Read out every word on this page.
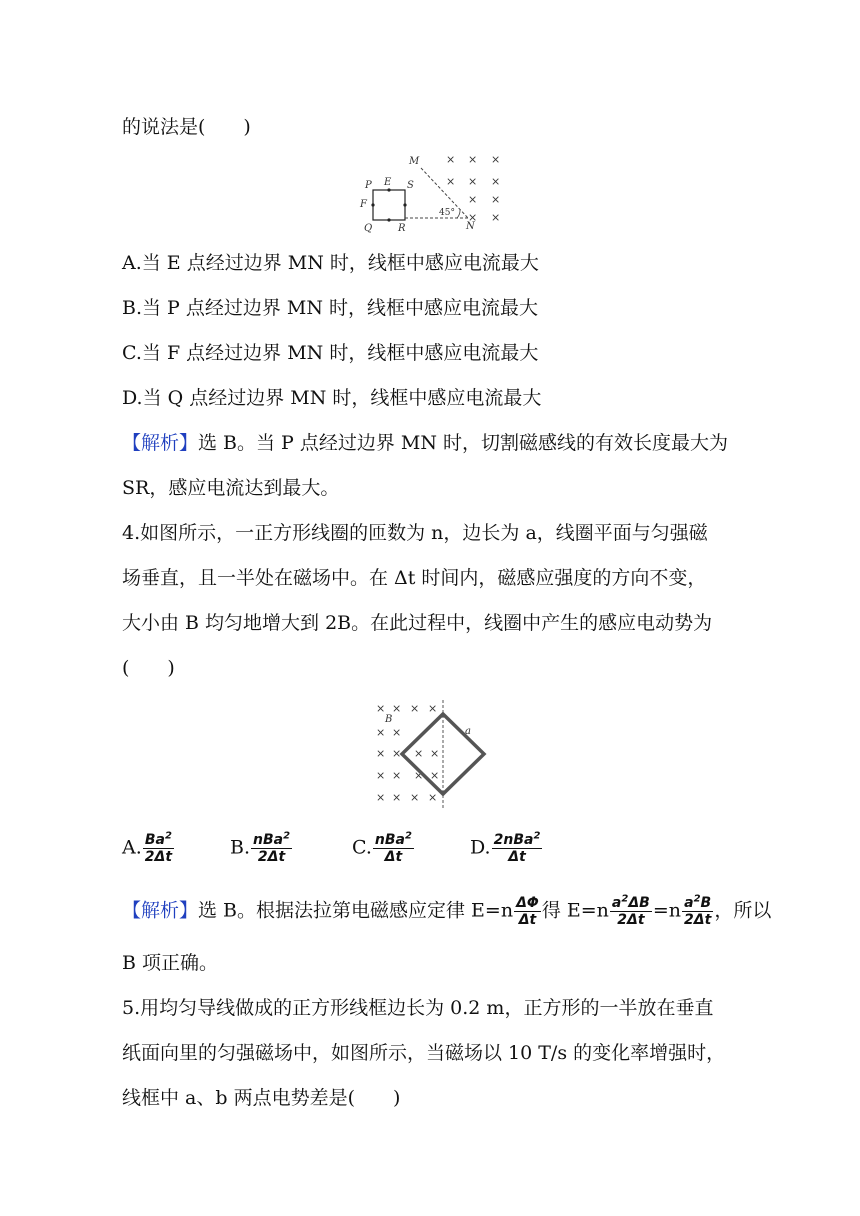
的说法是(　　)
M
P E S
F
Q	R	N
45°
× × ×
× × ×
× ×
× ×
A.当 E 点经过边界 MN 时，线框中感应电流最大
B.当 P 点经过边界 MN 时，线框中感应电流最大
C.当 F 点经过边界 MN 时，线框中感应电流最大
D.当 Q 点经过边界 MN 时，线框中感应电流最大
【解析】选 B。当 P 点经过边界 MN 时，切割磁感线的有效长度最大为
SR，感应电流达到最大。
4.如图所示，一正方形线圈的匝数为 n，边长为 a，线圈平面与匀强磁
场垂直，且一半处在磁场中。在 Δt 时间内，磁感应强度的方向不变，
大小由 B 均匀地增大到 2B。在此过程中，线圈中产生的感应电动势为
(　　)
× × × ×
× ×
× × × ×
× × × ×
× × × ×
B
a
A. $\frac{Ba^2}{2\Delta t}$	B. $\frac{nBa^2}{2\Delta t}$	C. $\frac{nBa^2}{\Delta t}$	D. $\frac{2nBa^2}{\Delta t}$
【解析】选 B。根据法拉第电磁感应定律 $E=n \frac{\Delta\Phi}{\Delta t}$ 得 $E=n \frac{a^2\Delta B}{2\Delta t} =n \frac{a^2B}{2\Delta t}$ ，所以
B 项正确。
5.用均匀导线做成的正方形线框边长为 0.2 m，正方形的一半放在垂直
纸面向里的匀强磁场中，如图所示，当磁场以 10 T/s 的变化率增强时，
线框中 a、b 两点电势差是(　　)
